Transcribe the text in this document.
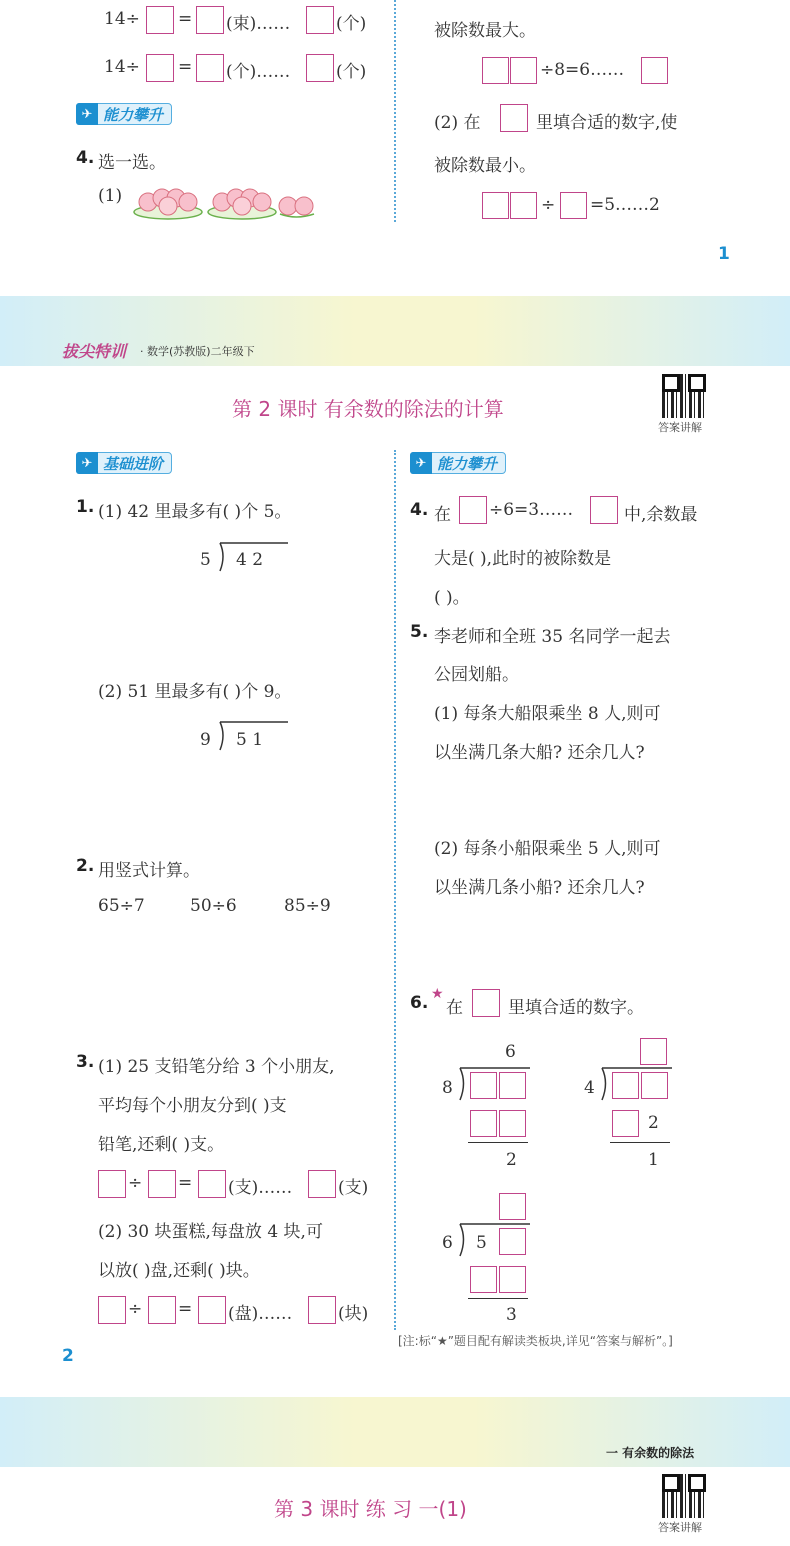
14÷ = (束)……	(个)
14÷ = (个)……	(个)
✈ 能力攀升
4. 选一选。
(1)
被除数最大。
÷8=6……
(2) 在	里填合适的数字,使
被除数最小。
÷ =5……2
1
拔尖特训 · 数学(苏教版)二年级下
第 2 课时 有余数的除法的计算
答案讲解
✈ 基础进阶
1. (1) 42 里最多有( )个 5。
5 4 2
(2) 51 里最多有( )个 9。
9 5 1
2. 用竖式计算。
65÷7	50÷6	85÷9
3. (1) 25 支铅笔分给 3 个小朋友,
平均每个小朋友分到( )支
铅笔,还剩( )支。
÷ = (支)……	(支)
(2) 30 块蛋糕,每盘放 4 块,可
以放( )盘,还剩( )块。
÷ = (盘)……	(块)
2
✈ 能力攀升
4. 在 ÷6=3……	中,余数最
大是( ),此时的被除数是
( )。
5. 李老师和全班 35 名同学一起去
公园划船。
(1) 每条大船限乘坐 8 人,则可
以坐满几条大船? 还余几人?
(2) 每条小船限乘坐 5 人,则可
以坐满几条小船? 还余几人?
6. ★
在	里填合适的数字。
6
8
2
4
2
1
6 5
3
[注:标“★”题目配有解读类板块,详见“答案与解析”。]
一 有余数的除法
第 3 课时 练 习 一(1)
答案讲解
